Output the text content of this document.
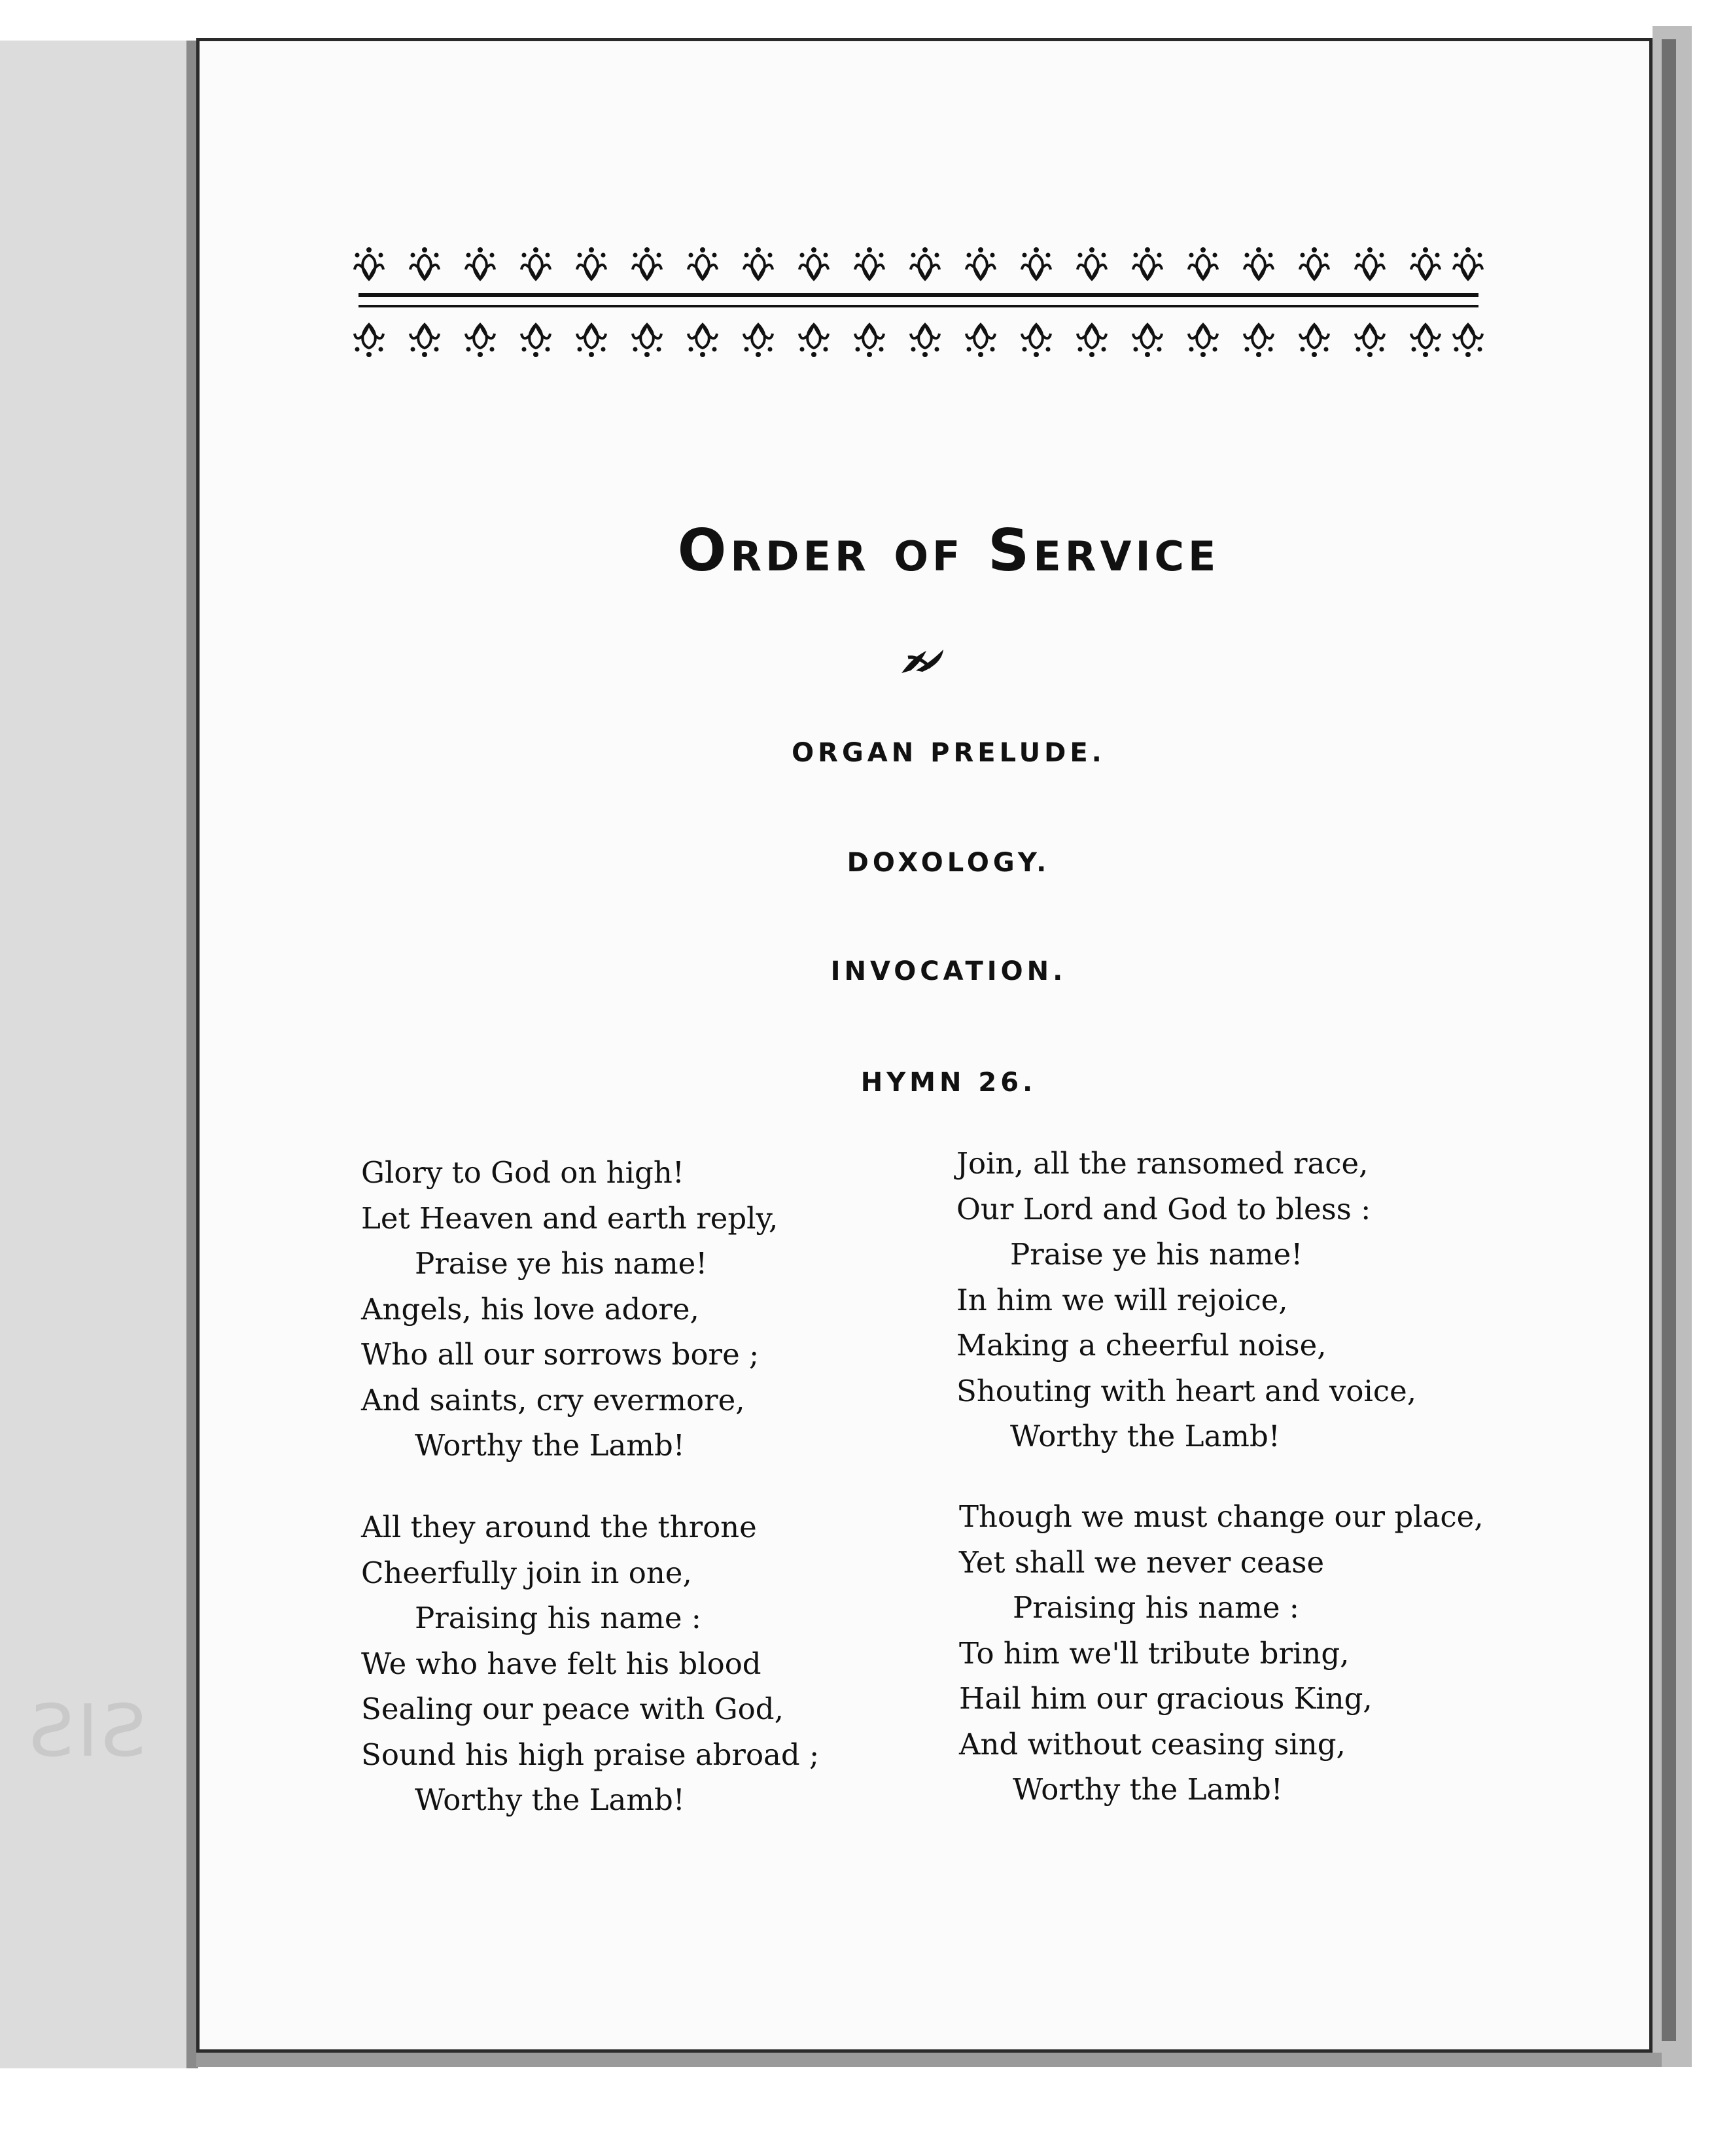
SIS
Order of Service
ORGAN PRELUDE.
DOXOLOGY.
INVOCATION.
HYMN 26.
Glory to God on high!
Let Heaven and earth reply,
Praise ye his name!
Angels, his love adore,
Who all our sorrows bore ;
And saints, cry evermore,
Worthy the Lamb!
All they around the throne
Cheerfully join in one,
Praising his name :
We who have felt his blood
Sealing our peace with God,
Sound his high praise abroad ;
Worthy the Lamb!
Join, all the ransomed race,
Our Lord and God to bless :
Praise ye his name!
In him we will rejoice,
Making a cheerful noise,
Shouting with heart and voice,
Worthy the Lamb!
Though we must change our place,
Yet shall we never cease
Praising his name :
To him we'll tribute bring,
Hail him our gracious King,
And without ceasing sing,
Worthy the Lamb!
